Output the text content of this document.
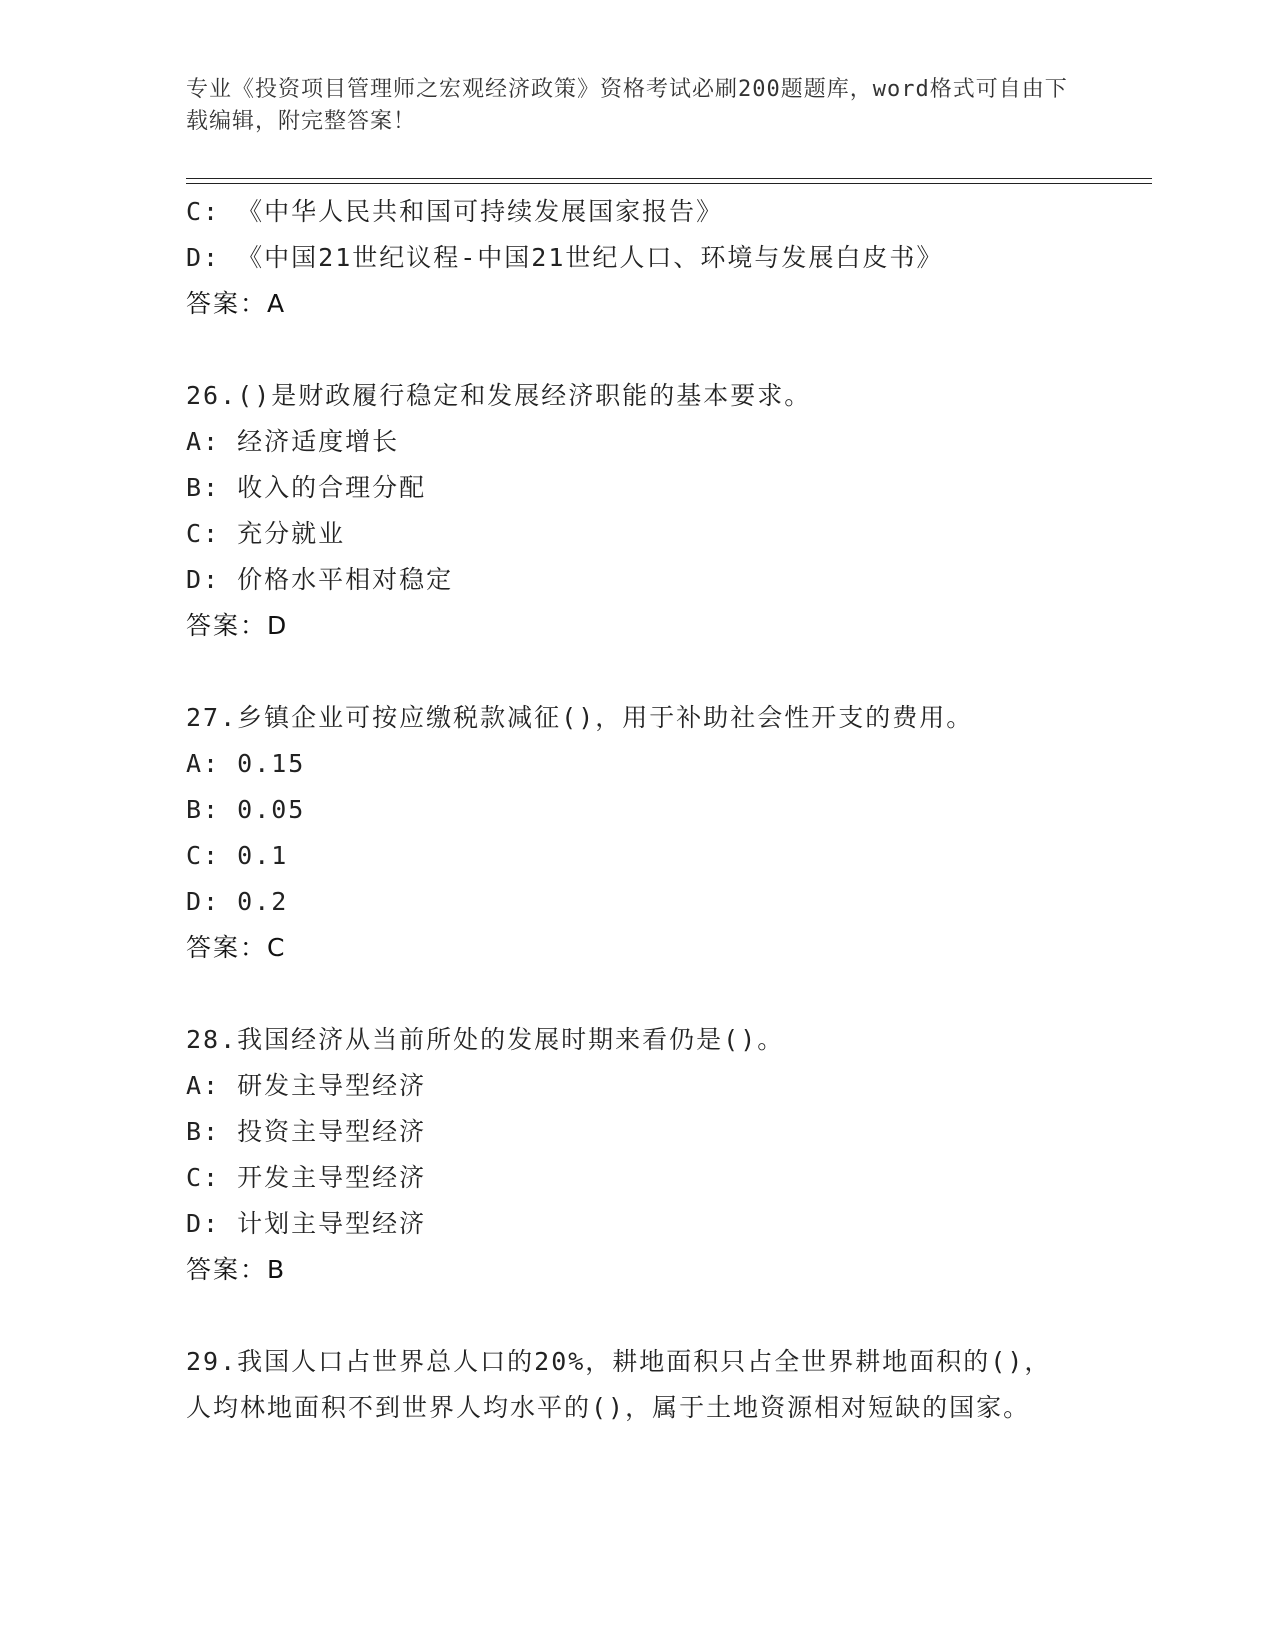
专业《投资项目管理师之宏观经济政策》资格考试必刷200题题库，word格式可自由下载编辑，附完整答案！
C: 《中华人民共和国可持续发展国家报告》
D: 《中国21世纪议程-中国21世纪人口、环境与发展白皮书》
答案：A
26.()是财政履行稳定和发展经济职能的基本要求。
A: 经济适度增长
B: 收入的合理分配
C: 充分就业
D: 价格水平相对稳定
答案：D
27.乡镇企业可按应缴税款减征()，用于补助社会性开支的费用。
A: 0.15
B: 0.05
C: 0.1
D: 0.2
答案：C
28.我国经济从当前所处的发展时期来看仍是()。
A: 研发主导型经济
B: 投资主导型经济
C: 开发主导型经济
D: 计划主导型经济
答案：B
29.我国人口占世界总人口的20%，耕地面积只占全世界耕地面积的()，人均林地面积不到世界人均水平的()，属于土地资源相对短缺的国家。
